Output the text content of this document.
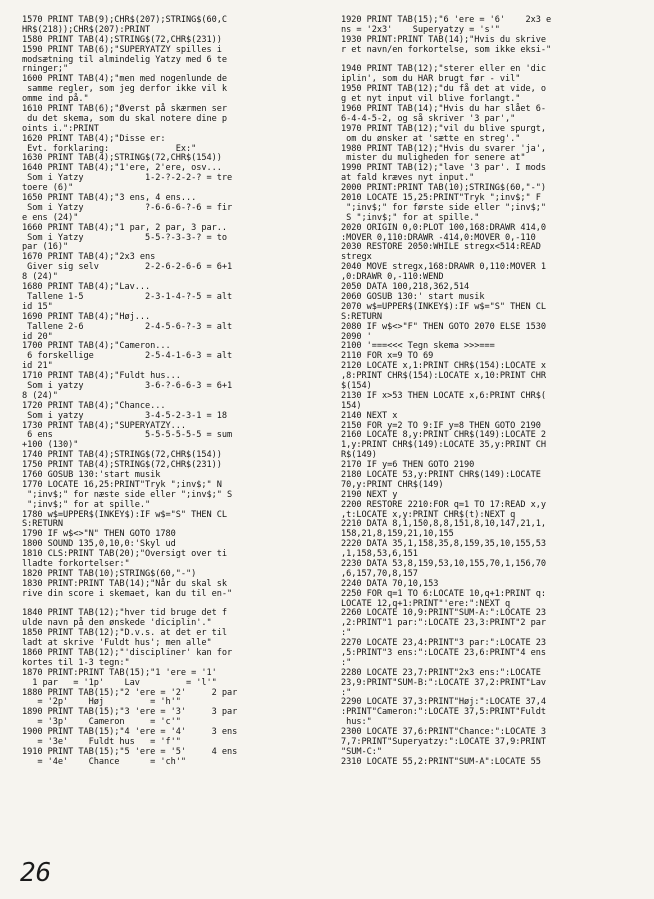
1570 PRINT TAB(9);CHR$(207);STRING$(60,C
HR$(218));CHR$(207):PRINT
1580 PRINT TAB(4);STRING$(72,CHR$(231))
1590 PRINT TAB(6);"SUPERYATZY spilles i
modsætning til almindelig Yatzy med 6 te
rninger;"
1600 PRINT TAB(4);"men med nogenlunde de
samme regler, som jeg derfor ikke vil k
omme ind på."
1610 PRINT TAB(6);"Øverst på skærmen ser
du det skema, som du skal notere dine p
oints i.":PRINT
1620 PRINT TAB(4);"Disse er:
Evt. forklaring:             Ex:"
1630 PRINT TAB(4);STRING$(72,CHR$(154))
1640 PRINT TAB(4);"1'ere, 2'ere, osv...
Som i Yatzy            1-2-?-2-2-? = tre
toere (6)"
1650 PRINT TAB(4);"3 ens, 4 ens...
Som i Yatzy            ?-6-6-6-?-6 = fir
e ens (24)"
1660 PRINT TAB(4);"1 par, 2 par, 3 par..
Som i Yatzy            5-5-?-3-3-? = to
par (16)"
1670 PRINT TAB(4);"2x3 ens
Giver sig selv         2-2-6-2-6-6 = 6+1
8 (24)"
1680 PRINT TAB(4);"Lav...
Tallene 1-5            2-3-1-4-?-5 = alt
id 15"
1690 PRINT TAB(4);"Høj...
Tallene 2-6            2-4-5-6-?-3 = alt
id 20"
1700 PRINT TAB(4);"Cameron...
6 forskellige          2-5-4-1-6-3 = alt
id 21"
1710 PRINT TAB(4);"Fuldt hus...
Som i yatzy            3-6-?-6-6-3 = 6+1
8 (24)"
1720 PRINT TAB(4);"Chance...
Som i yatzy            3-4-5-2-3-1 = 18
1730 PRINT TAB(4);"SUPERYATZY...
6 ens                  5-5-5-5-5-5 = sum
+100 (130)"
1740 PRINT TAB(4);STRING$(72,CHR$(154))
1750 PRINT TAB(4);STRING$(72,CHR$(231))
1760 GOSUB 130:'start musik
1770 LOCATE 16,25:PRINT"Tryk ";inv$;" N
";inv$;" for næste side eller ";inv$;" S
";inv$;" for at spille."
1780 w$=UPPER$(INKEY$):IF w$="S" THEN CL
S:RETURN
1790 IF w$<>"N" THEN GOTO 1780
1800 SOUND 135,0,10,0:'Skyl ud
1810 CLS:PRINT TAB(20);"Oversigt over ti
lladte forkortelser:"
1820 PRINT TAB(10);STRING$(60,"-")
1830 PRINT:PRINT TAB(14);"Når du skal sk
rive din score i skemaet, kan du til en-"
1840 PRINT TAB(12);"hver tid bruge det f
ulde navn på den ønskede 'diciplin'."
1850 PRINT TAB(12);"D.v.s. at det er til
ladt at skrive 'Fuldt hus'; men alle"
1860 PRINT TAB(12);"'discipliner' kan for
kortes til 1-3 tegn:"
1870 PRINT:PRINT TAB(15);"1 'ere = '1'
1 par   = '1p'    Lav         = 'l'"
1880 PRINT TAB(15);"2 'ere = '2'     2 par
= '2p'    Høj         = 'h'"
1890 PRINT TAB(15);"3 'ere = '3'     3 par
= '3p'    Cameron     = 'c'"
1900 PRINT TAB(15);"4 'ere = '4'     3 ens
= '3e'    Fuldt hus   = 'f'"
1910 PRINT TAB(15);"5 'ere = '5'     4 ens
= '4e'    Chance      = 'ch'"
1920 PRINT TAB(15);"6 'ere = '6'    2x3 e
ns = '2x3'    Superyatzy = 's'"
1930 PRINT:PRINT TAB(14);"Hvis du skrive
r et navn/en forkortelse, som ikke eksi-"
1940 PRINT TAB(12);"sterer eller en 'dic
iplin', som du HAR brugt før - vil"
1950 PRINT TAB(12);"du få det at vide, o
g et nyt input vil blive forlangt."
1960 PRINT TAB(14);"Hvis du har slået 6-
6-4-4-5-2, og så skriver '3 par',"
1970 PRINT TAB(12);"vil du blive spurgt,
om du ønsker at 'sætte en streg'."
1980 PRINT TAB(12);"Hvis du svarer 'ja',
mister du muligheden for senere at"
1990 PRINT TAB(12);"lave '3 par'. I mods
at fald kræves nyt input."
2000 PRINT:PRINT TAB(10);STRING$(60,"-")
2010 LOCATE 15,25:PRINT"Tryk ";inv$;" F
";inv$;" for første side eller ";inv$;"
S ";inv$;" for at spille."
2020 ORIGIN 0,0:PLOT 100,168:DRAWR 414,0
:MOVER 0,110:DRAWR -414,0:MOVER 0,-110
2030 RESTORE 2050:WHILE stregx<514:READ
stregx
2040 MOVE stregx,168:DRAWR 0,110:MOVER 1
,0:DRAWR 0,-110:WEND
2050 DATA 100,218,362,514
2060 GOSUB 130:' start musik
2070 w$=UPPER$(INKEY$):IF w$="S" THEN CL
S:RETURN
2080 IF w$<>"F" THEN GOTO 2070 ELSE 1530
2090 '
2100 '===<<< Tegn skema >>>===
2110 FOR x=9 TO 69
2120 LOCATE x,1:PRINT CHR$(154):LOCATE x
,8:PRINT CHR$(154):LOCATE x,10:PRINT CHR
$(154)
2130 IF x>53 THEN LOCATE x,6:PRINT CHR$(
154)
2140 NEXT x
2150 FOR y=2 TO 9:IF y=8 THEN GOTO 2190
2160 LOCATE 8,y:PRINT CHR$(149):LOCATE 2
1,y:PRINT CHR$(149):LOCATE 35,y:PRINT CH
R$(149)
2170 IF y=6 THEN GOTO 2190
2180 LOCATE 53,y:PRINT CHR$(149):LOCATE
70,y:PRINT CHR$(149)
2190 NEXT y
2200 RESTORE 2210:FOR q=1 TO 17:READ x,y
,t:LOCATE x,y:PRINT CHR$(t):NEXT q
2210 DATA 8,1,150,8,8,151,8,10,147,21,1,
158,21,8,159,21,10,155
2220 DATA 35,1,158,35,8,159,35,10,155,53
,1,158,53,6,151
2230 DATA 53,8,159,53,10,155,70,1,156,70
,6,157,70,8,157
2240 DATA 70,10,153
2250 FOR q=1 TO 6:LOCATE 10,q+1:PRINT q:
LOCATE 12,q+1:PRINT"'ere:":NEXT q
2260 LOCATE 10,9:PRINT"SUM-A:":LOCATE 23
,2:PRINT"1 par:":LOCATE 23,3:PRINT"2 par
:"
2270 LOCATE 23,4:PRINT"3 par:":LOCATE 23
,5:PRINT"3 ens:":LOCATE 23,6:PRINT"4 ens
:"
2280 LOCATE 23,7:PRINT"2x3 ens:":LOCATE
23,9:PRINT"SUM-B:":LOCATE 37,2:PRINT"Lav
:"
2290 LOCATE 37,3:PRINT"Høj:":LOCATE 37,4
:PRINT"Cameron:":LOCATE 37,5:PRINT"Fuldt
hus:"
2300 LOCATE 37,6:PRINT"Chance:":LOCATE 3
7,7:PRINT"Superyatzy:":LOCATE 37,9:PRINT
"SUM-C:"
2310 LOCATE 55,2:PRINT"SUM-A":LOCATE 55
26
